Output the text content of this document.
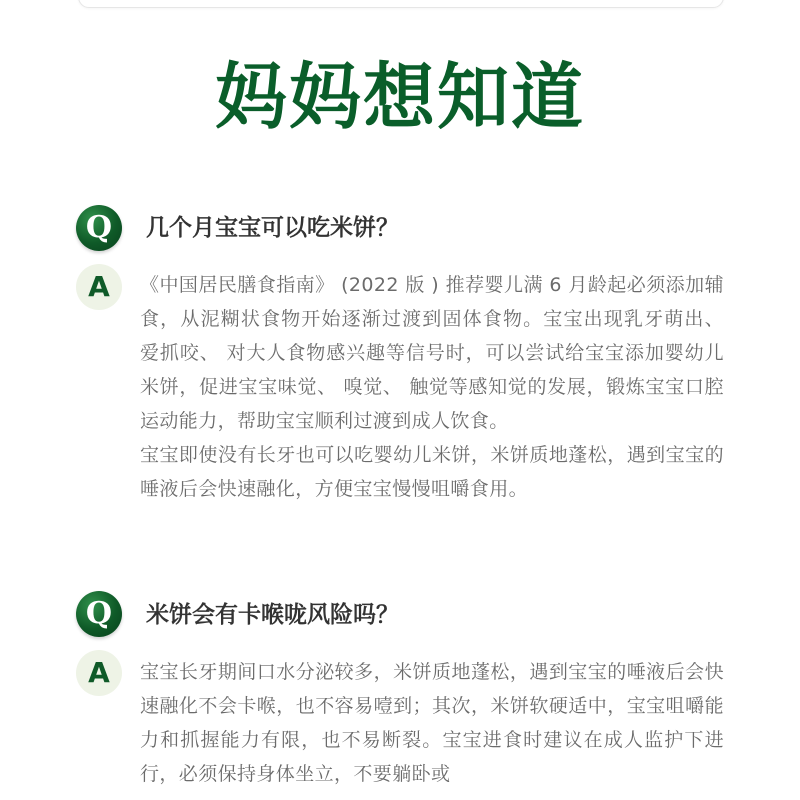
妈妈想知道
Q	几个月宝宝可以吃米饼？
A	《中国居民膳食指南》 (2022 版 ) 推荐婴儿满 6 月龄起必须添加辅食，从泥糊状食物开始逐渐过渡到固体食物。宝宝出现乳牙萌出、 爱抓咬、 对大人食物感兴趣等信号时，可以尝试给宝宝添加婴幼儿米饼，促进宝宝味觉、 嗅觉、 触觉等感知觉的发展，锻炼宝宝口腔运动能力，帮助宝宝顺利过渡到成人饮食。

宝宝即使没有长牙也可以吃婴幼儿米饼，米饼质地蓬松，遇到宝宝的唾液后会快速融化，方便宝宝慢慢咀嚼食用。

Q	米饼会有卡喉咙风险吗？
A	宝宝长牙期间口水分泌较多，米饼质地蓬松，遇到宝宝的唾液后会快速融化不会卡喉，也不容易噎到；其次，米饼软硬适中，宝宝咀嚼能力和抓握能力有限，也不易断裂。宝宝进食时建议在成人监护下进行，必须保持身体坐立，不要躺卧或
